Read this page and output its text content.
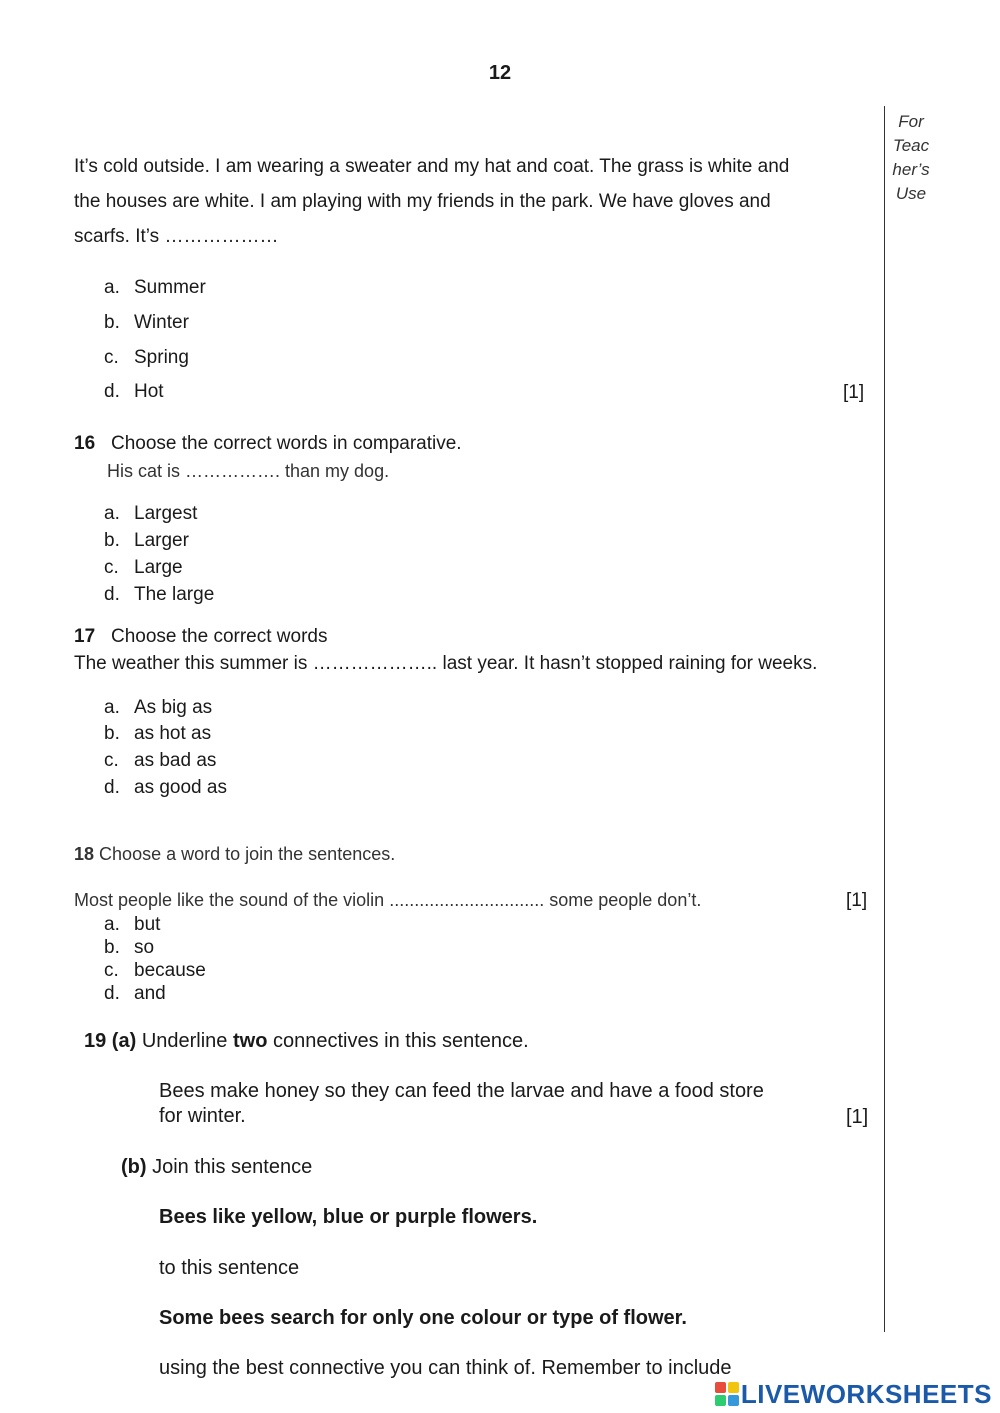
12
For
Teac
her’s
Use
It’s cold outside. I am wearing a sweater and my hat and coat. The grass is white and
the houses are white. I am playing with my friends in the park. We have gloves and
scarfs. It’s ………………
a. Summer
b. Winter
c. Spring
d. Hot	[1]
16 Choose the correct words in comparative.
His cat is ……………. than my dog.
a. Largest
b. Larger
c. Large
d. The large
17 Choose the correct words
The weather this summer is ……………….. last year. It hasn’t stopped raining for weeks.
a. As big as
b. as hot as
c. as bad as
d. as good as
18 Choose a word to join the sentences.
Most people like the sound of the violin ............................... some people don’t.	[1]
a. but
b. so
c. because
d. and
19 (a) Underline two connectives in this sentence.
Bees make honey so they can feed the larvae and have a food store
for winter.	[1]
(b) Join this sentence
Bees like yellow, blue or purple flowers.
to this sentence
Some bees search for only one colour or type of flower.
using the best connective you can think of. Remember to include
LIVEWORKSHEETS
